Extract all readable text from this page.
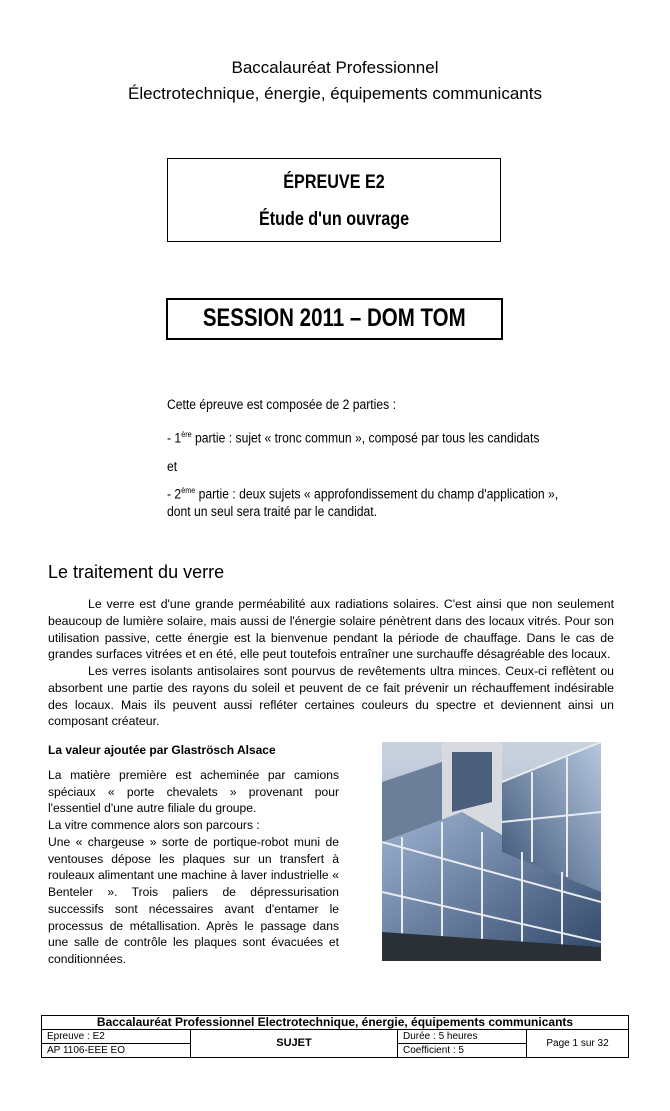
Baccalauréat Professionnel
Électrotechnique, énergie, équipements communicants
ÉPREUVE E2
Étude d'un ouvrage
SESSION 2011 – DOM TOM
Cette épreuve est composée de 2 parties :
- 1ère partie : sujet « tronc commun », composé par tous les candidats
et
- 2ème partie : deux sujets « approfondissement du champ d'application »,
dont un seul sera traité par le candidat.
Le traitement du verre
Le verre est d'une grande perméabilité aux radiations solaires. C'est ainsi que non seulement beaucoup de lumière solaire, mais aussi de l'énergie solaire pénètrent dans des locaux vitrés. Pour son utilisation passive, cette énergie est la bienvenue pendant la période de chauffage. Dans le cas de grandes surfaces vitrées et en été, elle peut toutefois entraîner une surchauffe désagréable des locaux.
Les verres isolants antisolaires sont pourvus de revêtements ultra minces. Ceux-ci reflètent ou absorbent une partie des rayons du soleil et peuvent de ce fait prévenir un réchauffement indésirable des locaux. Mais ils peuvent aussi refléter certaines couleurs du spectre et deviennent ainsi un composant créateur.
La valeur ajoutée par Glaströsch Alsace
La matière première est acheminée par camions spéciaux « porte chevalets » provenant pour l'essentiel d'une autre filiale du groupe.
La vitre commence alors son parcours :
Une « chargeuse » sorte de portique-robot muni de ventouses dépose les plaques sur un transfert à rouleaux alimentant une machine à laver industrielle « Benteler ». Trois paliers de dépressurisation successifs sont nécessaires avant d'entamer le processus de métallisation. Après le passage dans une salle de contrôle les plaques sont évacuées et conditionnées.
Baccalauréat Professionnel Electrotechnique, énergie, équipements communicants			
Epreuve : E2	SUJET	Durée : 5 heures	Page 1 sur 32
AP 1106-EEE EO		Coefficient : 5	
